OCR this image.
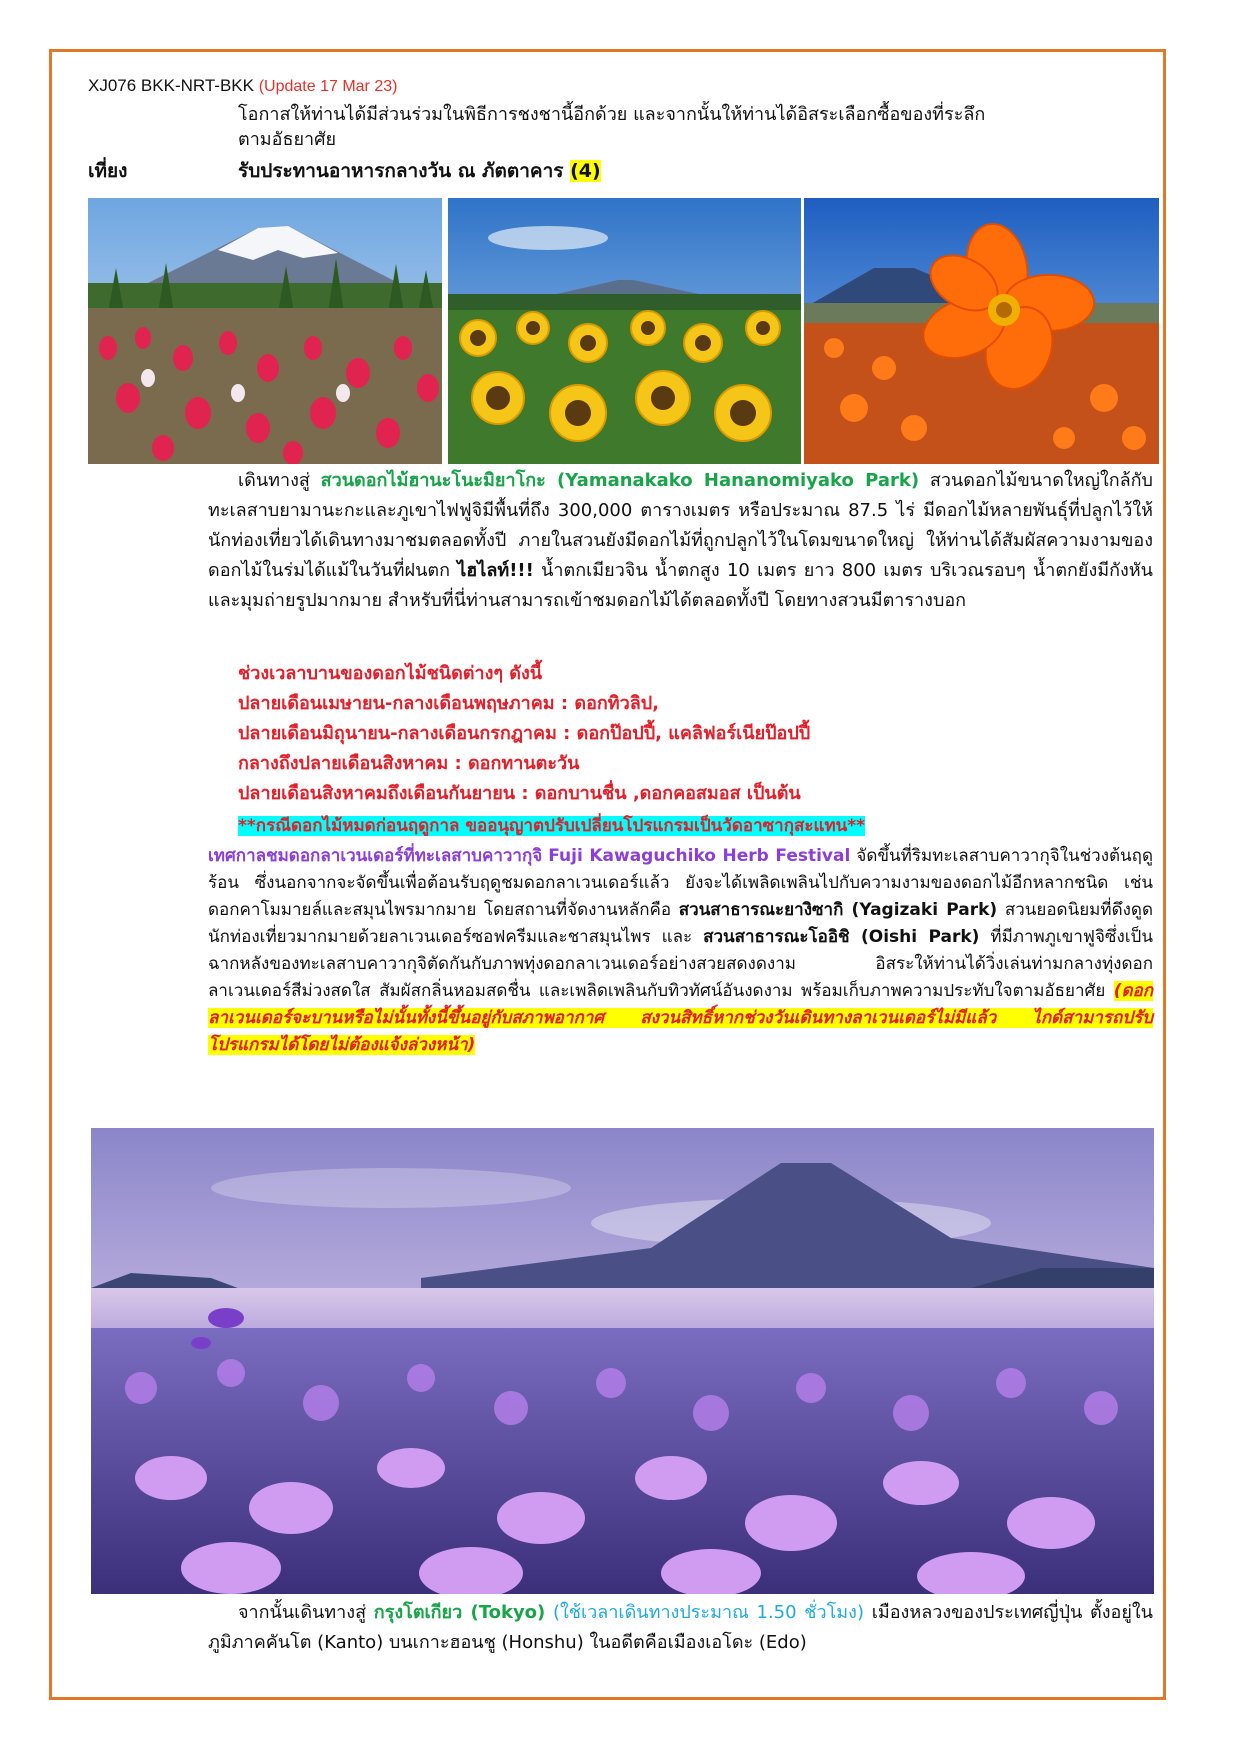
XJ076 BKK-NRT-BKK (Update 17 Mar 23)
โอกาสให้ท่านได้มีส่วนร่วมในพิธีการชงชานี้อีกด้วย และจากนั้นให้ท่านได้อิสระเลือกซื้อของที่ระลึก
ตามอัธยาศัย
เที่ยง	รับประทานอาหารกลางวัน ณ ภัตตาคาร (4)
เดินทางสู่ สวนดอกไม้ฮานะโนะมิยาโกะ (Yamanakako Hananomiyako Park) สวนดอกไม้ขนาดใหญ่ใกล้กับทะเลสาบยามานะกะและภูเขาไฟฟูจิมีพื้นที่ถึง 300,000 ตารางเมตร หรือประมาณ 87.5 ไร่ มีดอกไม้หลายพันธุ์ที่ปลูกไว้ให้นักท่องเที่ยวได้เดินทางมาชมตลอดทั้งปี ภายในสวนยังมีดอกไม้ที่ถูกปลูกไว้ในโดมขนาดใหญ่ ให้ท่านได้สัมผัสความงามของดอกไม้ในร่มได้แม้ในวันที่ฝนตก ไฮไลท์!!! น้ำตกเมียวจิน น้ำตกสูง 10 เมตร ยาว 800 เมตร บริเวณรอบๆ น้ำตกยังมีกังหันและมุมถ่ายรูปมากมาย สำหรับที่นี่ท่านสามารถเข้าชมดอกไม้ได้ตลอดทั้งปี โดยทางสวนมีตารางบอก
ช่วงเวลาบานของดอกไม้ชนิดต่างๆ ดังนี้
ปลายเดือนเมษายน-กลางเดือนพฤษภาคม : ดอกทิวลิป,
ปลายเดือนมิถุนายน-กลางเดือนกรกฎาคม : ดอกป๊อปปี้, แคลิฟอร์เนียป๊อปปี้
กลางถึงปลายเดือนสิงหาคม : ดอกทานตะวัน
ปลายเดือนสิงหาคมถึงเดือนกันยายน : ดอกบานชื่น ,ดอกคอสมอส เป็นต้น
**กรณีดอกไม้หมดก่อนฤดูกาล ขออนุญาตปรับเปลี่ยนโปรแกรมเป็นวัดอาซากุสะแทน**
เทศกาลชมดอกลาเวนเดอร์ที่ทะเลสาบคาวากุจิ Fuji Kawaguchiko Herb Festival จัดขึ้นที่ริมทะเลสาบคาวากุจิในช่วงต้นฤดูร้อน ซึ่งนอกจากจะจัดขึ้นเพื่อต้อนรับฤดูชมดอกลาเวนเดอร์แล้ว ยังจะได้เพลิดเพลินไปกับความงามของดอกไม้อีกหลากชนิด เช่น ดอกคาโมมายล์และสมุนไพรมากมาย โดยสถานที่จัดงานหลักคือ สวนสาธารณะยางิซากิ (Yagizaki Park) สวนยอดนิยมที่ดึงดูดนักท่องเที่ยวมากมายด้วยลาเวนเดอร์ซอฟครีมและชาสมุนไพร และ สวนสาธารณะโออิชิ (Oishi Park) ที่มีภาพภูเขาฟูจิซึ่งเป็นฉากหลังของทะเลสาบคาวากุจิตัดกันกับภาพทุ่งดอกลาเวนเดอร์อย่างสวยสดงดงาม อิสระให้ท่านได้วิ่งเล่นท่ามกลางทุ่งดอกลาเวนเดอร์สีม่วงสดใส สัมผัสกลิ่นหอมสดชื่น และเพลิดเพลินกับทิวทัศน์อันงดงาม พร้อมเก็บภาพความประทับใจตามอัธยาศัย (ดอกลาเวนเดอร์จะบานหรือไม่นั้นทั้งนี้ขึ้นอยู่กับสภาพอากาศ สงวนสิทธิ์หากช่วงวันเดินทางลาเวนเดอร์ไม่มีแล้ว ไกด์สามารถปรับโปรแกรมได้โดยไม่ต้องแจ้งล่วงหน้า)
จากนั้นเดินทางสู่ กรุงโตเกียว (Tokyo) (ใช้เวลาเดินทางประมาณ 1.50 ชั่วโมง) เมืองหลวงของประเทศญี่ปุ่น ตั้งอยู่ในภูมิภาคคันโต (Kanto) บนเกาะฮอนชู (Honshu) ในอดีตคือเมืองเอโดะ (Edo)
